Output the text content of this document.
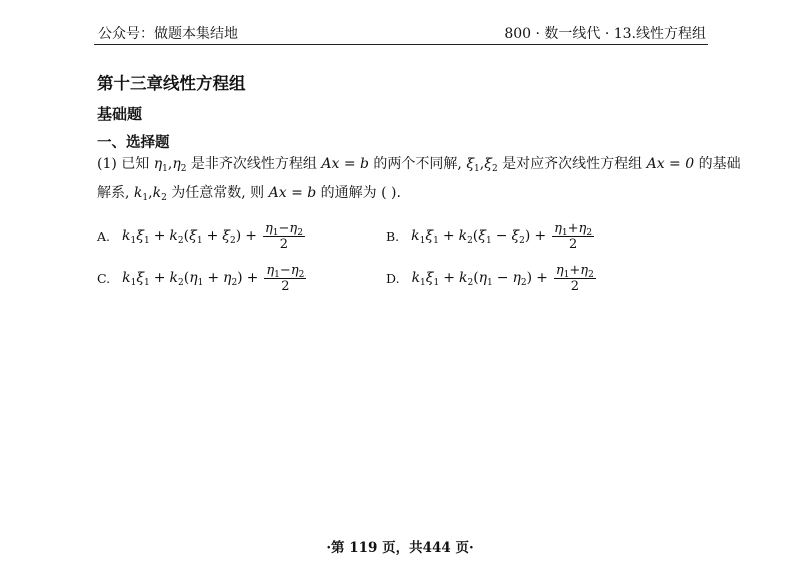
公众号：做题本集结地	800 · 数一线代 · 13.线性方程组
第十三章线性方程组
基础题
一、选择题
(1) 已知 $\eta_1,\eta_2$ 是非齐次线性方程组 Ax = b 的两个不同解, $\xi_1,\xi_2$ 是对应齐次线性方程组 Ax = 0 的基础
解系, $k_1,k_2$ 为任意常数, 则 Ax = b 的通解为 ( ).
A. $k_1$ $\xi_1 + k_2$ ( $\xi_1 + \xi_2$ ) + $\frac{\eta_1-\eta_2}{2}$	B. $k_1$ $\xi_1 + k_2$ ( $\xi_1 - \xi_2$ ) + $\frac{\eta_1+\eta_2}{2}$
C. $k_1$ $\xi_1 + k_2$ ( $\eta_1 + \eta_2$ ) + $\frac{\eta_1-\eta_2}{2}$	D. $k_1$ $\xi_1 + k_2$ ( $\eta_1 - \eta_2$ ) + $\frac{\eta_1+\eta_2}{2}$
·第 119 页，共444 页·
